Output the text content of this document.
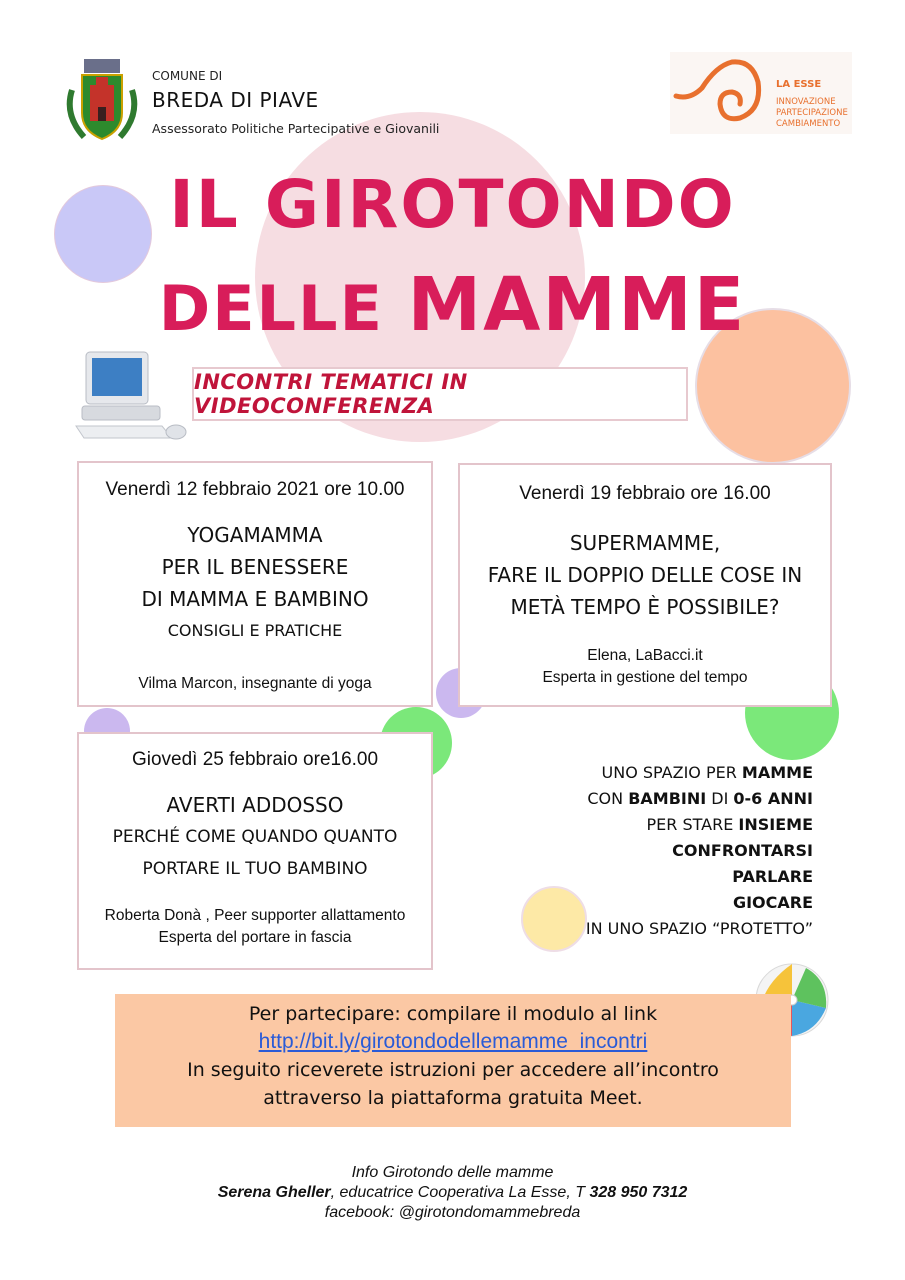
COMUNE DI
BREDA DI PIAVE
Assessorato Politiche Partecipative e Giovanili
LA ESSE
INNOVAZIONE
PARTECIPAZIONE
CAMBIAMENTO
IL GIROTONDO
DELLE MAMME
INCONTRI TEMATICI IN VIDEOCONFERENZA
Venerdì 12 febbraio 2021 ore 10.00
YOGAMAMMA
PER IL BENESSERE
DI MAMMA E BAMBINO
CONSIGLI E PRATICHE
Vilma Marcon, insegnante di yoga
Venerdì 19 febbraio ore 16.00
SUPERMAMME,
FARE IL DOPPIO DELLE COSE IN
METÀ TEMPO È POSSIBILE?
Elena, LaBacci.it
Esperta in gestione del tempo
Giovedì 25 febbraio ore16.00
AVERTI ADDOSSO
PERCHÉ COME QUANDO QUANTO
PORTARE IL TUO BAMBINO
Roberta Donà , Peer supporter allattamento
Esperta del portare in fascia
UNO SPAZIO PER MAMME
CON BAMBINI DI 0-6 ANNI
PER STARE INSIEME
CONFRONTARSI
PARLARE
GIOCARE
IN UNO SPAZIO “PROTETTO”
Per partecipare: compilare il modulo al link
http://bit.ly/girotondodellemamme_incontri
In seguito riceverete istruzioni per accedere all’incontro
attraverso la piattaforma gratuita Meet.
Info Girotondo delle mamme
Serena Gheller, educatrice Cooperativa La Esse, T 328 950 7312
facebook: @girotondomammebreda
